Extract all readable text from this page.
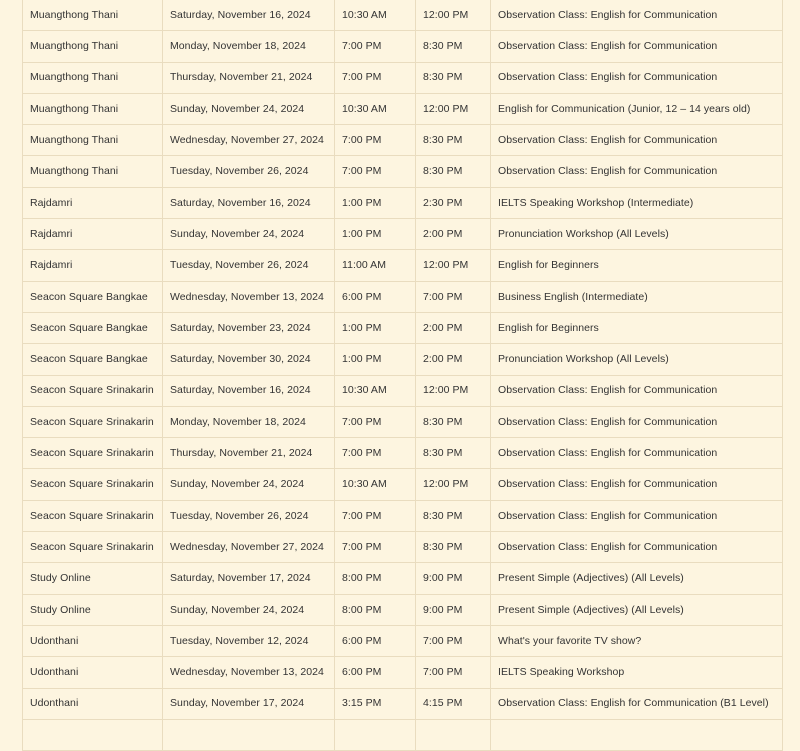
Muangthong Thani	Saturday, November 16, 2024	10:30 AM	12:00 PM	Observation Class: English for Communication
Muangthong Thani	Monday, November 18, 2024	7:00 PM	8:30 PM	Observation Class: English for Communication
Muangthong Thani	Thursday, November 21, 2024	7:00 PM	8:30 PM	Observation Class: English for Communication
Muangthong Thani	Sunday, November 24, 2024	10:30 AM	12:00 PM	English for Communication (Junior, 12 – 14 years old)
Muangthong Thani	Wednesday, November 27, 2024	7:00 PM	8:30 PM	Observation Class: English for Communication
Muangthong Thani	Tuesday, November 26, 2024	7:00 PM	8:30 PM	Observation Class: English for Communication
Rajdamri	Saturday, November 16, 2024	1:00 PM	2:30 PM	IELTS Speaking Workshop (Intermediate)
Rajdamri	Sunday, November 24, 2024	1:00 PM	2:00 PM	Pronunciation Workshop (All Levels)
Rajdamri	Tuesday, November 26, 2024	11:00 AM	12:00 PM	English for Beginners
Seacon Square Bangkae	Wednesday, November 13, 2024	6:00 PM	7:00 PM	Business English (Intermediate)
Seacon Square Bangkae	Saturday, November 23, 2024	1:00 PM	2:00 PM	English for Beginners
Seacon Square Bangkae	Saturday, November 30, 2024	1:00 PM	2:00 PM	Pronunciation Workshop (All Levels)
Seacon Square Srinakarin	Saturday, November 16, 2024	10:30 AM	12:00 PM	Observation Class: English for Communication
Seacon Square Srinakarin	Monday, November 18, 2024	7:00 PM	8:30 PM	Observation Class: English for Communication
Seacon Square Srinakarin	Thursday, November 21, 2024	7:00 PM	8:30 PM	Observation Class: English for Communication
Seacon Square Srinakarin	Sunday, November 24, 2024	10:30 AM	12:00 PM	Observation Class: English for Communication
Seacon Square Srinakarin	Tuesday, November 26, 2024	7:00 PM	8:30 PM	Observation Class: English for Communication
Seacon Square Srinakarin	Wednesday, November 27, 2024	7:00 PM	8:30 PM	Observation Class: English for Communication
Study Online	Saturday, November 17, 2024	8:00 PM	9:00 PM	Present Simple (Adjectives) (All Levels)
Study Online	Sunday, November 24, 2024	8:00 PM	9:00 PM	Present Simple (Adjectives) (All Levels)
Udonthani	Tuesday, November 12, 2024	6:00 PM	7:00 PM	What's your favorite TV show?
Udonthani	Wednesday, November 13, 2024	6:00 PM	7:00 PM	IELTS Speaking Workshop
Udonthani	Sunday, November 17, 2024	3:15 PM	4:15 PM	Observation Class: English for Communication (B1 Level)
